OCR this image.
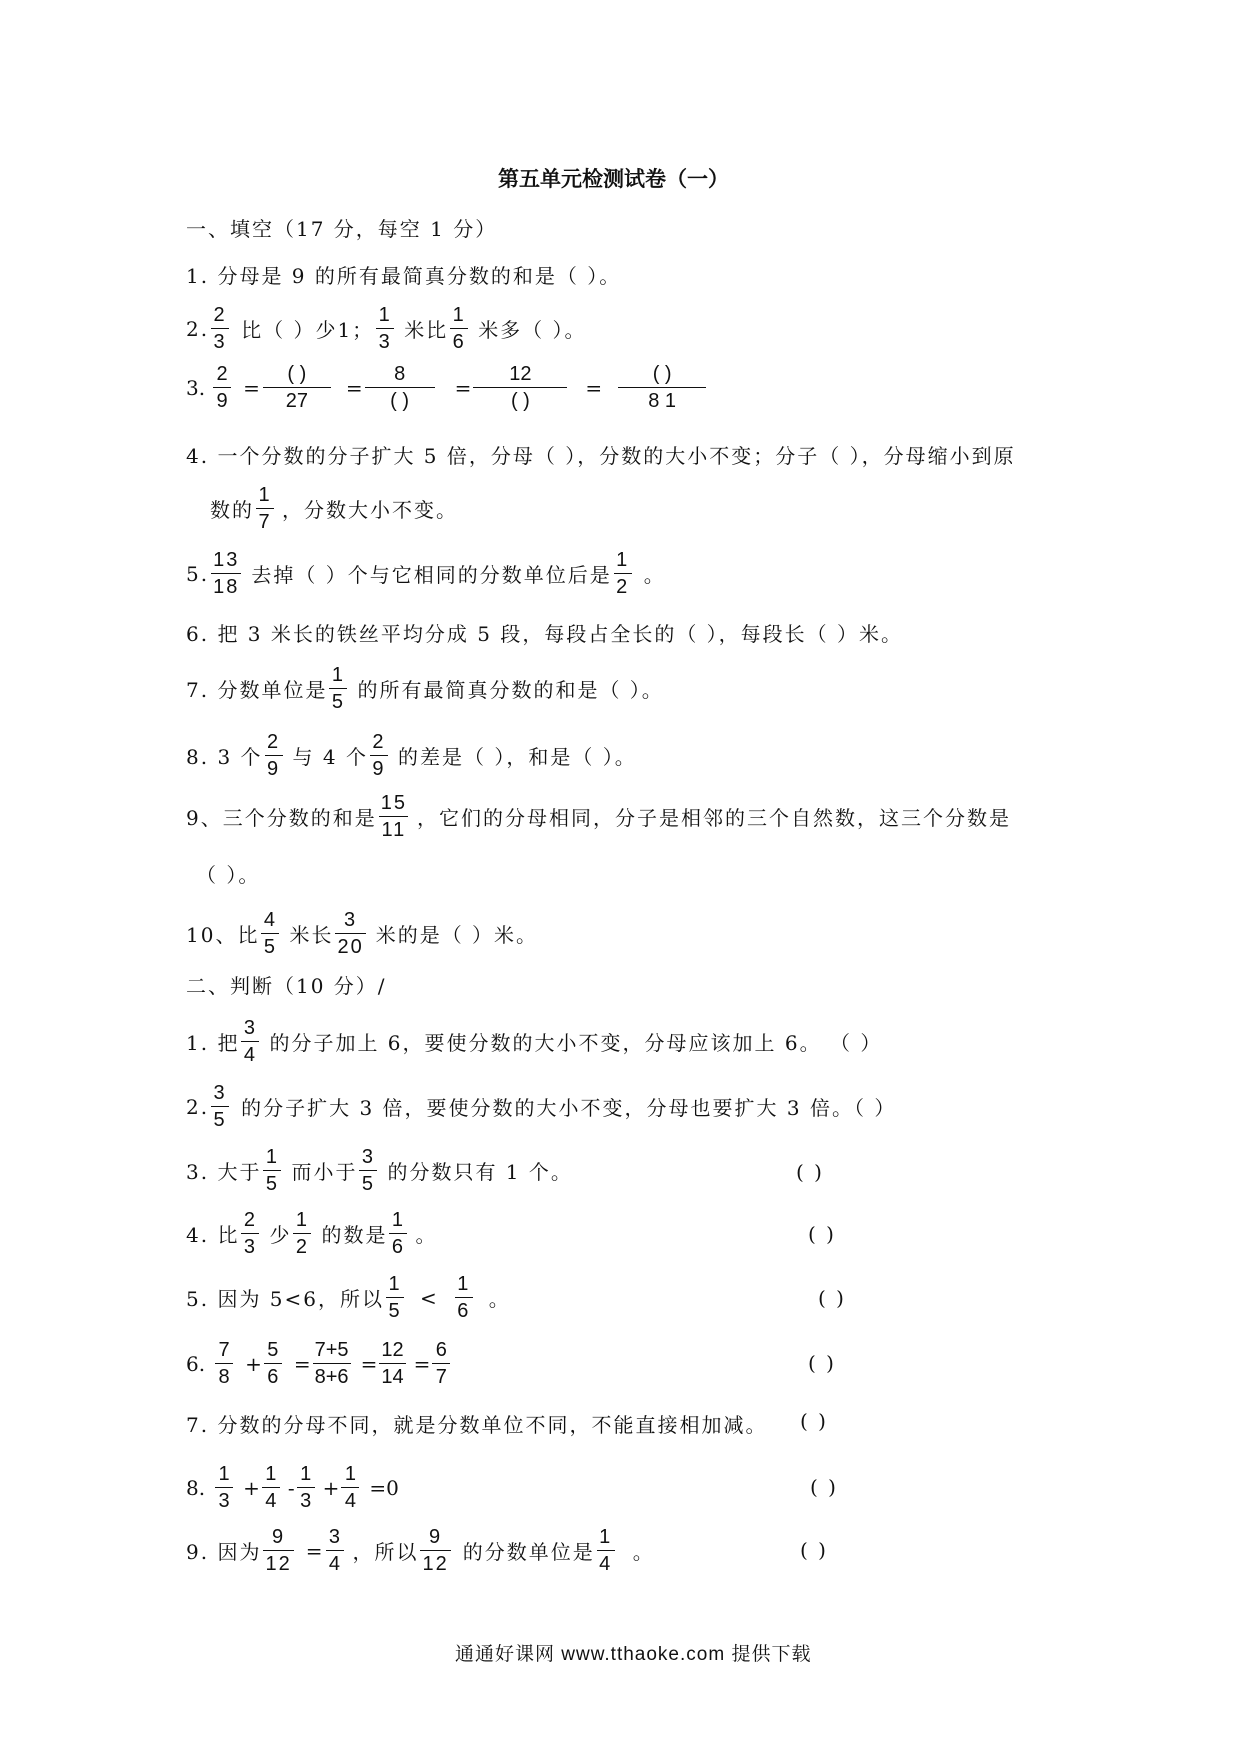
第五单元检测试卷（一）
一、填空（17 分，每空 1 分）
1. 分母是 9 的所有最简真分数的和是（ ）。
2. $\frac{2}{3}$ 比（ ）少1； $\frac{1}{3}$ 米比 $\frac{1}{6}$ 米多（ ）。
3. $\frac{2}{9} = \frac{( )}{27} = \frac{8}{( )} = \frac{12}{( )} = \frac{( )}{8 1}$
4. 一个分数的分子扩大 5 倍，分母（ ），分数的大小不变；分子（ ），分母缩小到原
数的 $\frac{1}{7}$ ，分数大小不变。
5. $\frac{13}{18}$ 去掉（ ）个与它相同的分数单位后是 $\frac{1}{2}$ 。
6. 把 3 米长的铁丝平均分成 5 段，每段占全长的（ ），每段长（ ）米。
7. 分数单位是 $\frac{1}{5}$ 的所有最简真分数的和是（ ）。
8. 3 个 $\frac{2}{9}$ 与 4 个 $\frac{2}{9}$ 的差是（ ），和是（ ）。
9、三个分数的和是 $\frac{15}{11}$ ，它们的分母相同，分子是相邻的三个自然数，这三个分数是
（ ）。
10、比 $\frac{4}{5}$ 米长 $\frac{3}{20}$ 米的是（ ）米。
二、判断（10 分）/
1. 把 $\frac{3}{4}$ 的分子加上 6，要使分数的大小不变，分母应该加上 6。 （ ）
2. $\frac{3}{5}$ 的分子扩大 3 倍，要使分数的大小不变，分母也要扩大 3 倍。（ ）
3. 大于 $\frac{1}{5}$ 而小于 $\frac{3}{5}$ 的分数只有 1 个。	( )
4. 比 $\frac{2}{3}$ 少 $\frac{1}{2}$ 的数是 $\frac{1}{6}$ 。	( )
5. 因为 5<6，所以 $\frac{1}{5} < \frac{1}{6}$ 。	( )
6. $\frac{7}{8} + \frac{5}{6} = \frac{7+5}{8+6} = \frac{12}{14} = \frac{6}{7}$	( )
7. 分数的分母不同，就是分数单位不同，不能直接相加减。 ( )
8. $\frac{1}{3} + \frac{1}{4} - \frac{1}{3} + \frac{1}{4} =0$	( )
9. 因为 $\frac{9}{12} = \frac{3}{4}$ ，所以 $\frac{9}{12}$ 的分数单位是 $\frac{1}{4}$ 。	( )
通通好课网 www.tthaoke.com 提供下载
